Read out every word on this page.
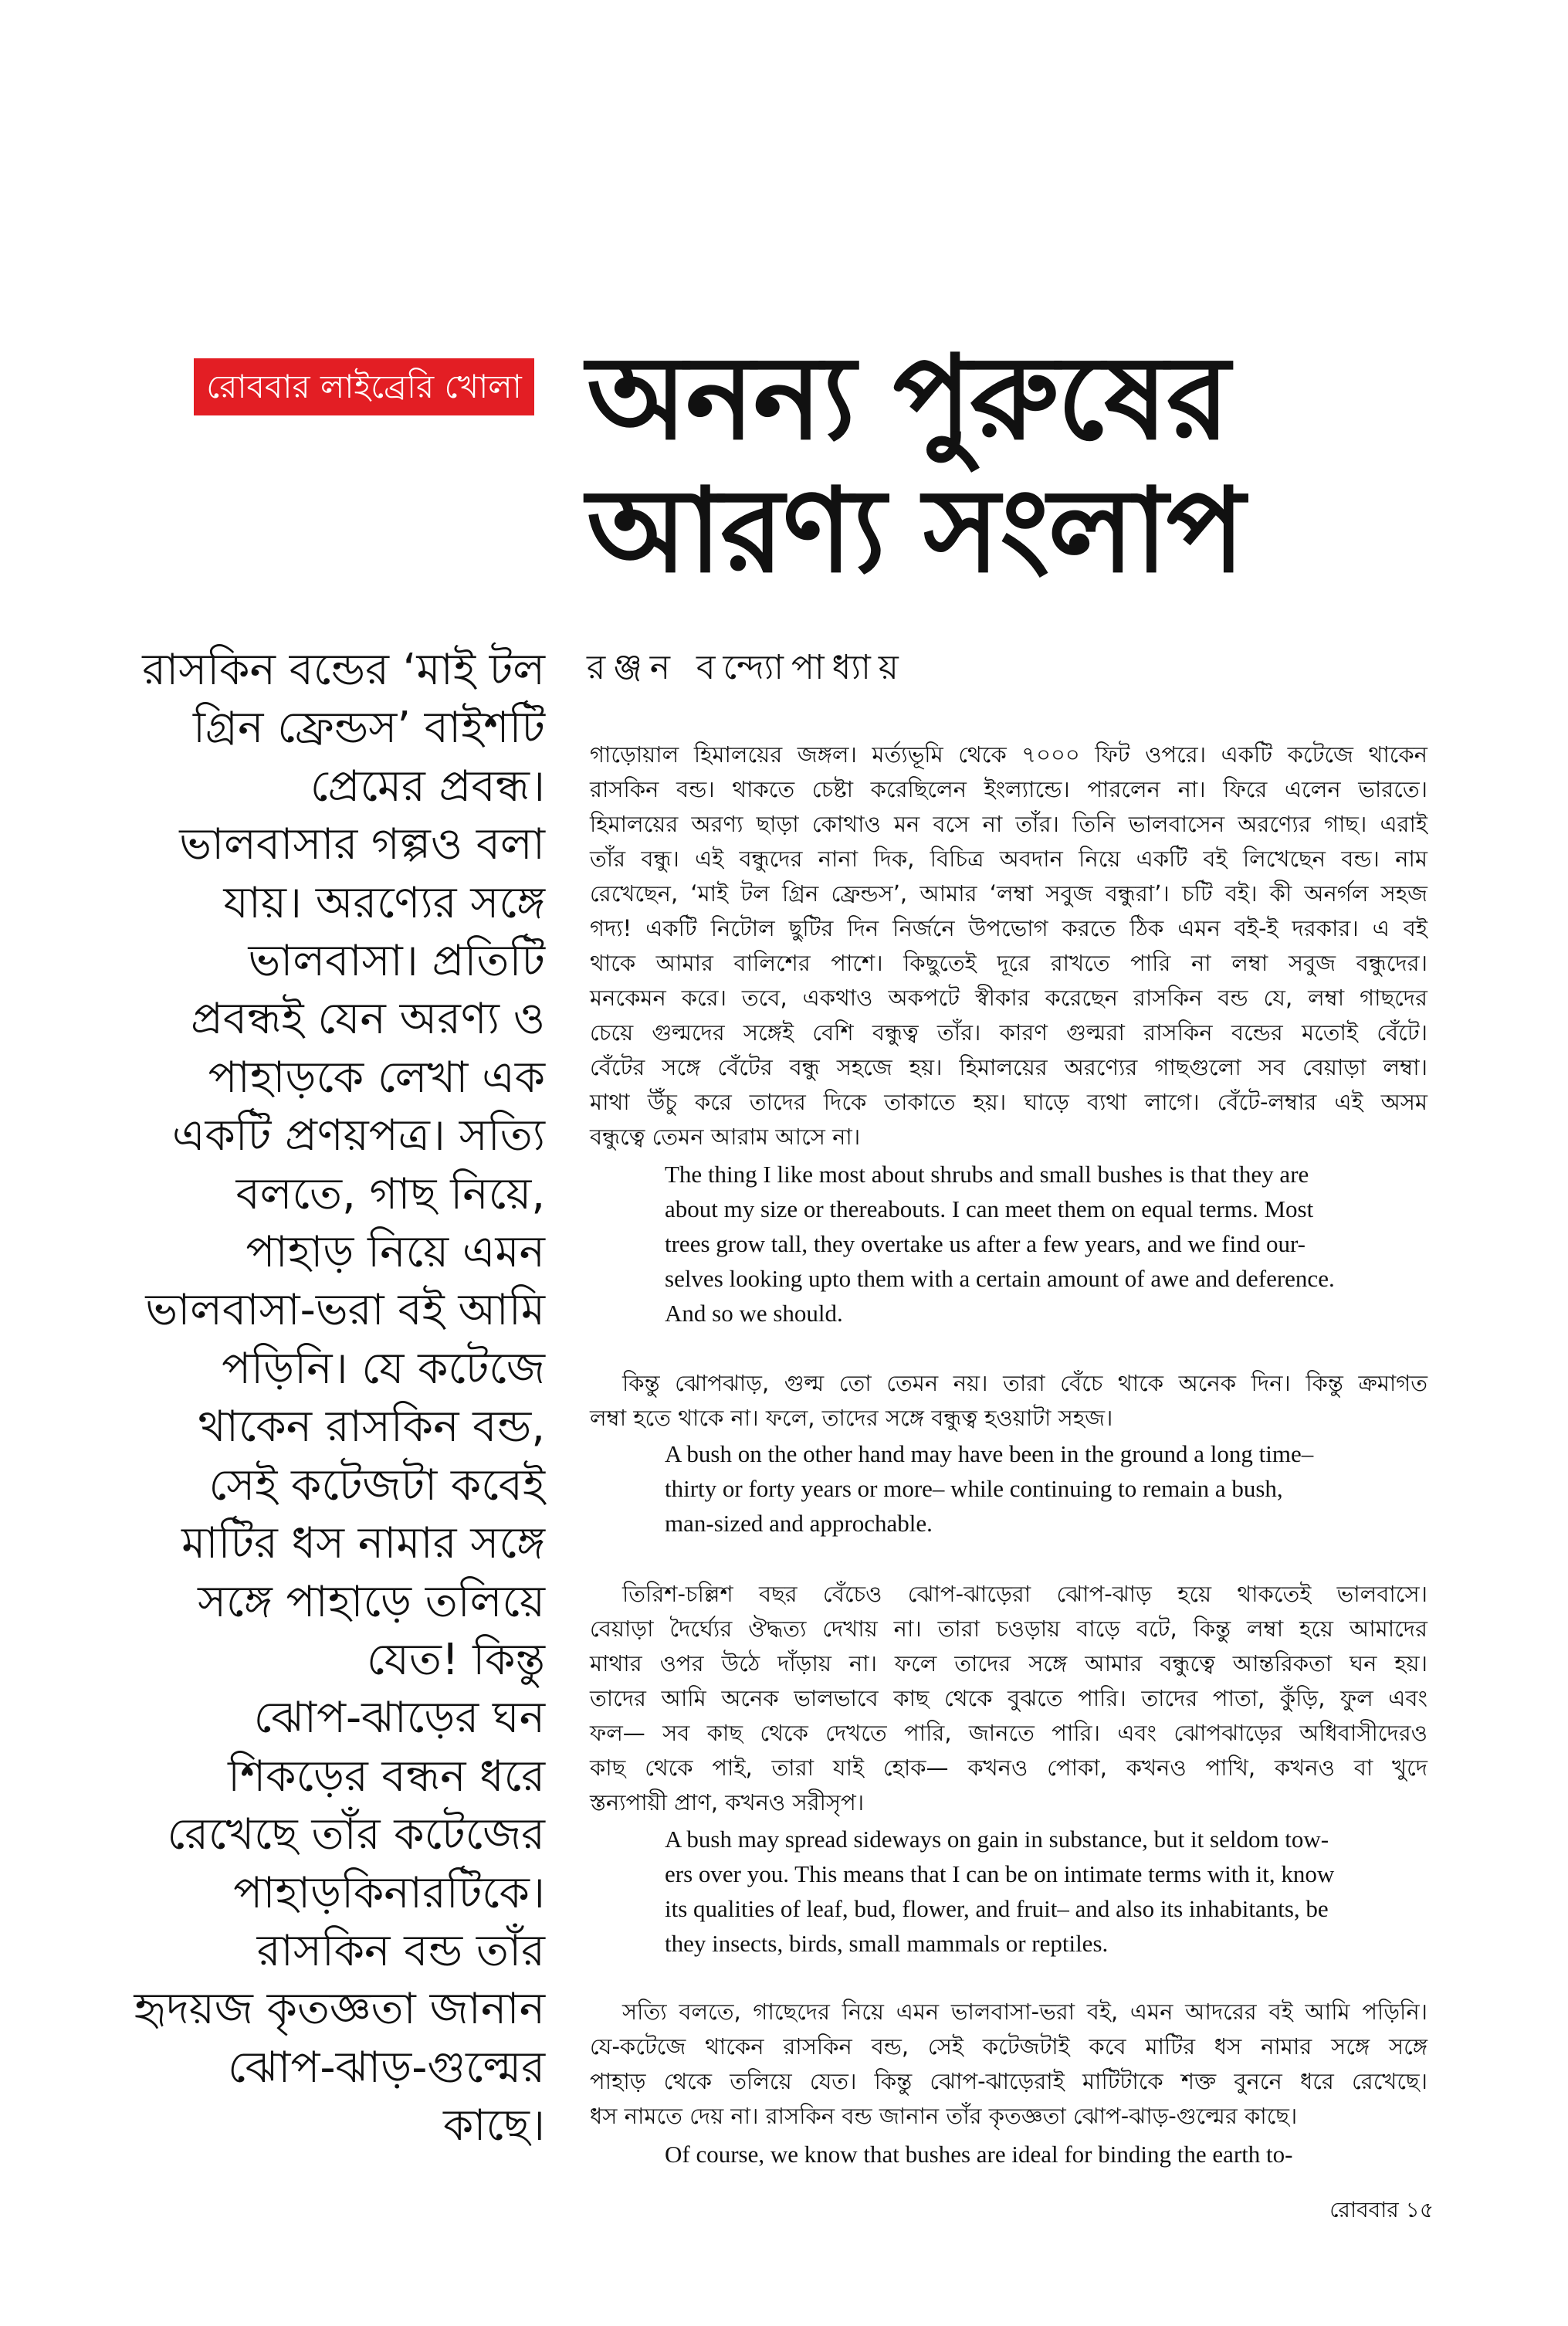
রোববার লাইব্রেরি খোলা অনন্য পুরুষের
আরণ্য সংলাপ
রাসকিন বন্ডের ‘মাই টল
গ্রিন ফ্রেন্ডস’ বাইশটি
প্রেমের প্রবন্ধ।
ভালবাসার গল্পও বলা
যায়। অরণ্যের সঙ্গে
ভালবাসা। প্রতিটি
প্রবন্ধই যেন অরণ্য ও
পাহাড়কে লেখা এক
একটি প্রণয়পত্র। সত্যি
বলতে, গাছ নিয়ে,
পাহাড় নিয়ে এমন
ভালবাসা-ভরা বই আমি
পড়িনি। যে কটেজে
থাকেন রাসকিন বন্ড,
সেই কটেজটা কবেই
মাটির ধস নামার সঙ্গে
সঙ্গে পাহাড়ে তলিয়ে
যেত! কিন্তু
ঝোপ-ঝাড়ের ঘন
শিকড়ের বন্ধন ধরে
রেখেছে তাঁর কটেজের
পাহাড়কিনারটিকে।
রাসকিন বন্ড তাঁর
হৃদয়জ কৃতজ্ঞতা জানান
ঝোপ-ঝাড়-গুল্মের
কাছে।
রঞ্জন বন্দ্যোপাধ্যায়
গাড়োয়াল হিমালয়ের জঙ্গল। মর্ত্যভূমি থেকে ৭০০০ ফিট ওপরে। একটি কটেজে থাকেন
রাসকিন বন্ড। থাকতে চেষ্টা করেছিলেন ইংল্যান্ডে। পারলেন না। ফিরে এলেন ভারতে।
হিমালয়ের অরণ্য ছাড়া কোথাও মন বসে না তাঁর। তিনি ভালবাসেন অরণ্যের গাছ। এরাই
তাঁর বন্ধু। এই বন্ধুদের নানা দিক, বিচিত্র অবদান নিয়ে একটি বই লিখেছেন বন্ড। নাম
রেখেছেন, ‘মাই টল গ্রিন ফ্রেন্ডস’, আমার ‘লম্বা সবুজ বন্ধুরা’। চটি বই। কী অনর্গল সহজ
গদ্য! একটি নিটোল ছুটির দিন নির্জনে উপভোগ করতে ঠিক এমন বই-ই দরকার। এ বই
থাকে আমার বালিশের পাশে। কিছুতেই দূরে রাখতে পারি না লম্বা সবুজ বন্ধুদের।
মনকেমন করে। তবে, একথাও অকপটে স্বীকার করেছেন রাসকিন বন্ড যে, লম্বা গাছদের
চেয়ে গুল্মদের সঙ্গেই বেশি বন্ধুত্ব তাঁর। কারণ গুল্মরা রাসকিন বন্ডের মতোই বেঁটে।
বেঁটের সঙ্গে বেঁটের বন্ধু সহজে হয়। হিমালয়ের অরণ্যের গাছগুলো সব বেয়াড়া লম্বা।
মাথা উঁচু করে তাদের দিকে তাকাতে হয়। ঘাড়ে ব্যথা লাগে। বেঁটে-লম্বার এই অসম
বন্ধুত্বে তেমন আরাম আসে না।
The thing I like most about shrubs and small bushes is that they are
about my size or thereabouts. I can meet them on equal terms. Most
trees grow tall, they overtake us after a few years, and we find our-
selves looking upto them with a certain amount of awe and deference.
And so we should.
কিন্তু ঝোপঝাড়, গুল্ম তো তেমন নয়। তারা বেঁচে থাকে অনেক দিন। কিন্তু ক্রমাগত
লম্বা হতে থাকে না। ফলে, তাদের সঙ্গে বন্ধুত্ব হওয়াটা সহজ।
A bush on the other hand may have been in the ground a long time–
thirty or forty years or more– while continuing to remain a bush,
man-sized and approchable.
তিরিশ-চল্লিশ বছর বেঁচেও ঝোপ-ঝাড়েরা ঝোপ-ঝাড় হয়ে থাকতেই ভালবাসে।
বেয়াড়া দৈর্ঘ্যের ঔদ্ধত্য দেখায় না। তারা চওড়ায় বাড়ে বটে, কিন্তু লম্বা হয়ে আমাদের
মাথার ওপর উঠে দাঁড়ায় না। ফলে তাদের সঙ্গে আমার বন্ধুত্বে আন্তরিকতা ঘন হয়।
তাদের আমি অনেক ভালভাবে কাছ থেকে বুঝতে পারি। তাদের পাতা, কুঁড়ি, ফুল এবং
ফল— সব কাছ থেকে দেখতে পারি, জানতে পারি। এবং ঝোপঝাড়ের অধিবাসীদেরও
কাছ থেকে পাই, তারা যাই হোক— কখনও পোকা, কখনও পাখি, কখনও বা খুদে
স্তন্যপায়ী প্রাণ, কখনও সরীসৃপ।
A bush may spread sideways on gain in substance, but it seldom tow-
ers over you. This means that I can be on intimate terms with it, know
its qualities of leaf, bud, flower, and fruit– and also its inhabitants, be
they insects, birds, small mammals or reptiles.
সত্যি বলতে, গাছেদের নিয়ে এমন ভালবাসা-ভরা বই, এমন আদরের বই আমি পড়িনি।
যে-কটেজে থাকেন রাসকিন বন্ড, সেই কটেজটাই কবে মাটির ধস নামার সঙ্গে সঙ্গে
পাহাড় থেকে তলিয়ে যেত। কিন্তু ঝোপ-ঝাড়েরাই মাটিটাকে শক্ত বুননে ধরে রেখেছে।
ধস নামতে দেয় না। রাসকিন বন্ড জানান তাঁর কৃতজ্ঞতা ঝোপ-ঝাড়-গুল্মের কাছে।
Of course, we know that bushes are ideal for binding the earth to-
রোববার ১৫
